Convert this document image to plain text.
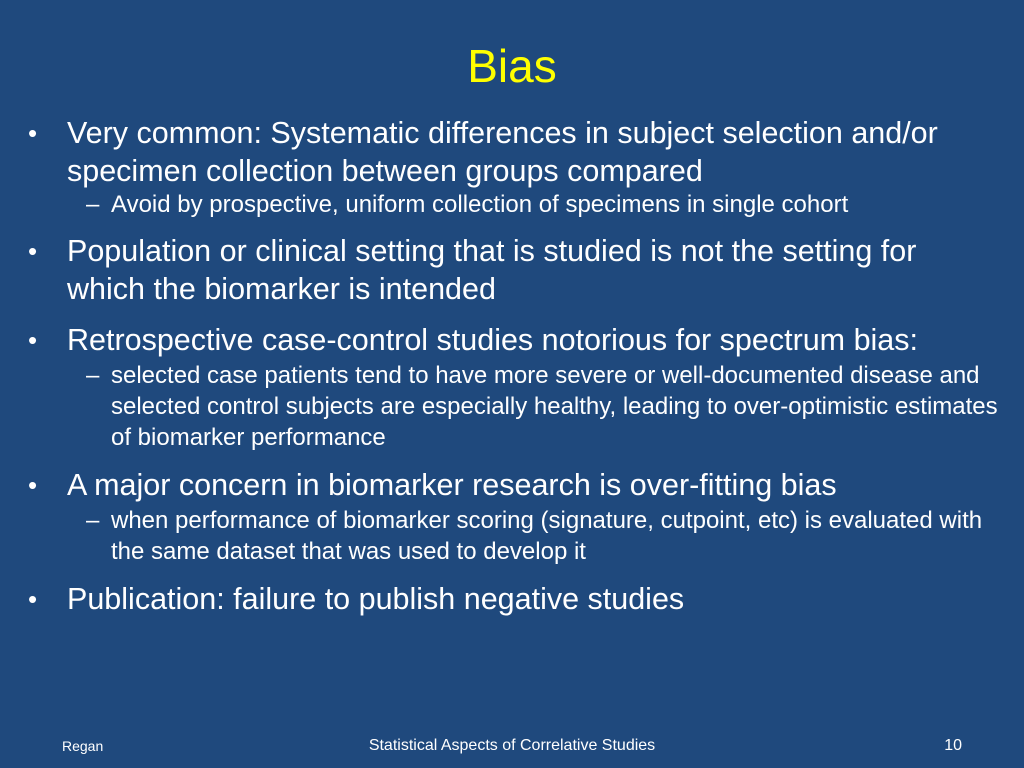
Bias
• Very common: Systematic differences in subject selection and/or specimen collection between groups compared
– Avoid by prospective, uniform collection of specimens in single cohort
• Population or clinical setting that is studied is not the setting for which the biomarker is intended
• Retrospective case-control studies notorious for spectrum bias:
– selected case patients tend to have more severe or well-documented disease and selected control subjects are especially healthy, leading to over-optimistic estimates of biomarker performance
• A major concern in biomarker research is over-fitting bias
– when performance of biomarker scoring (signature, cutpoint, etc) is evaluated with the same dataset that was used to develop it
• Publication: failure to publish negative studies
Regan	Statistical Aspects of Correlative Studies	10
